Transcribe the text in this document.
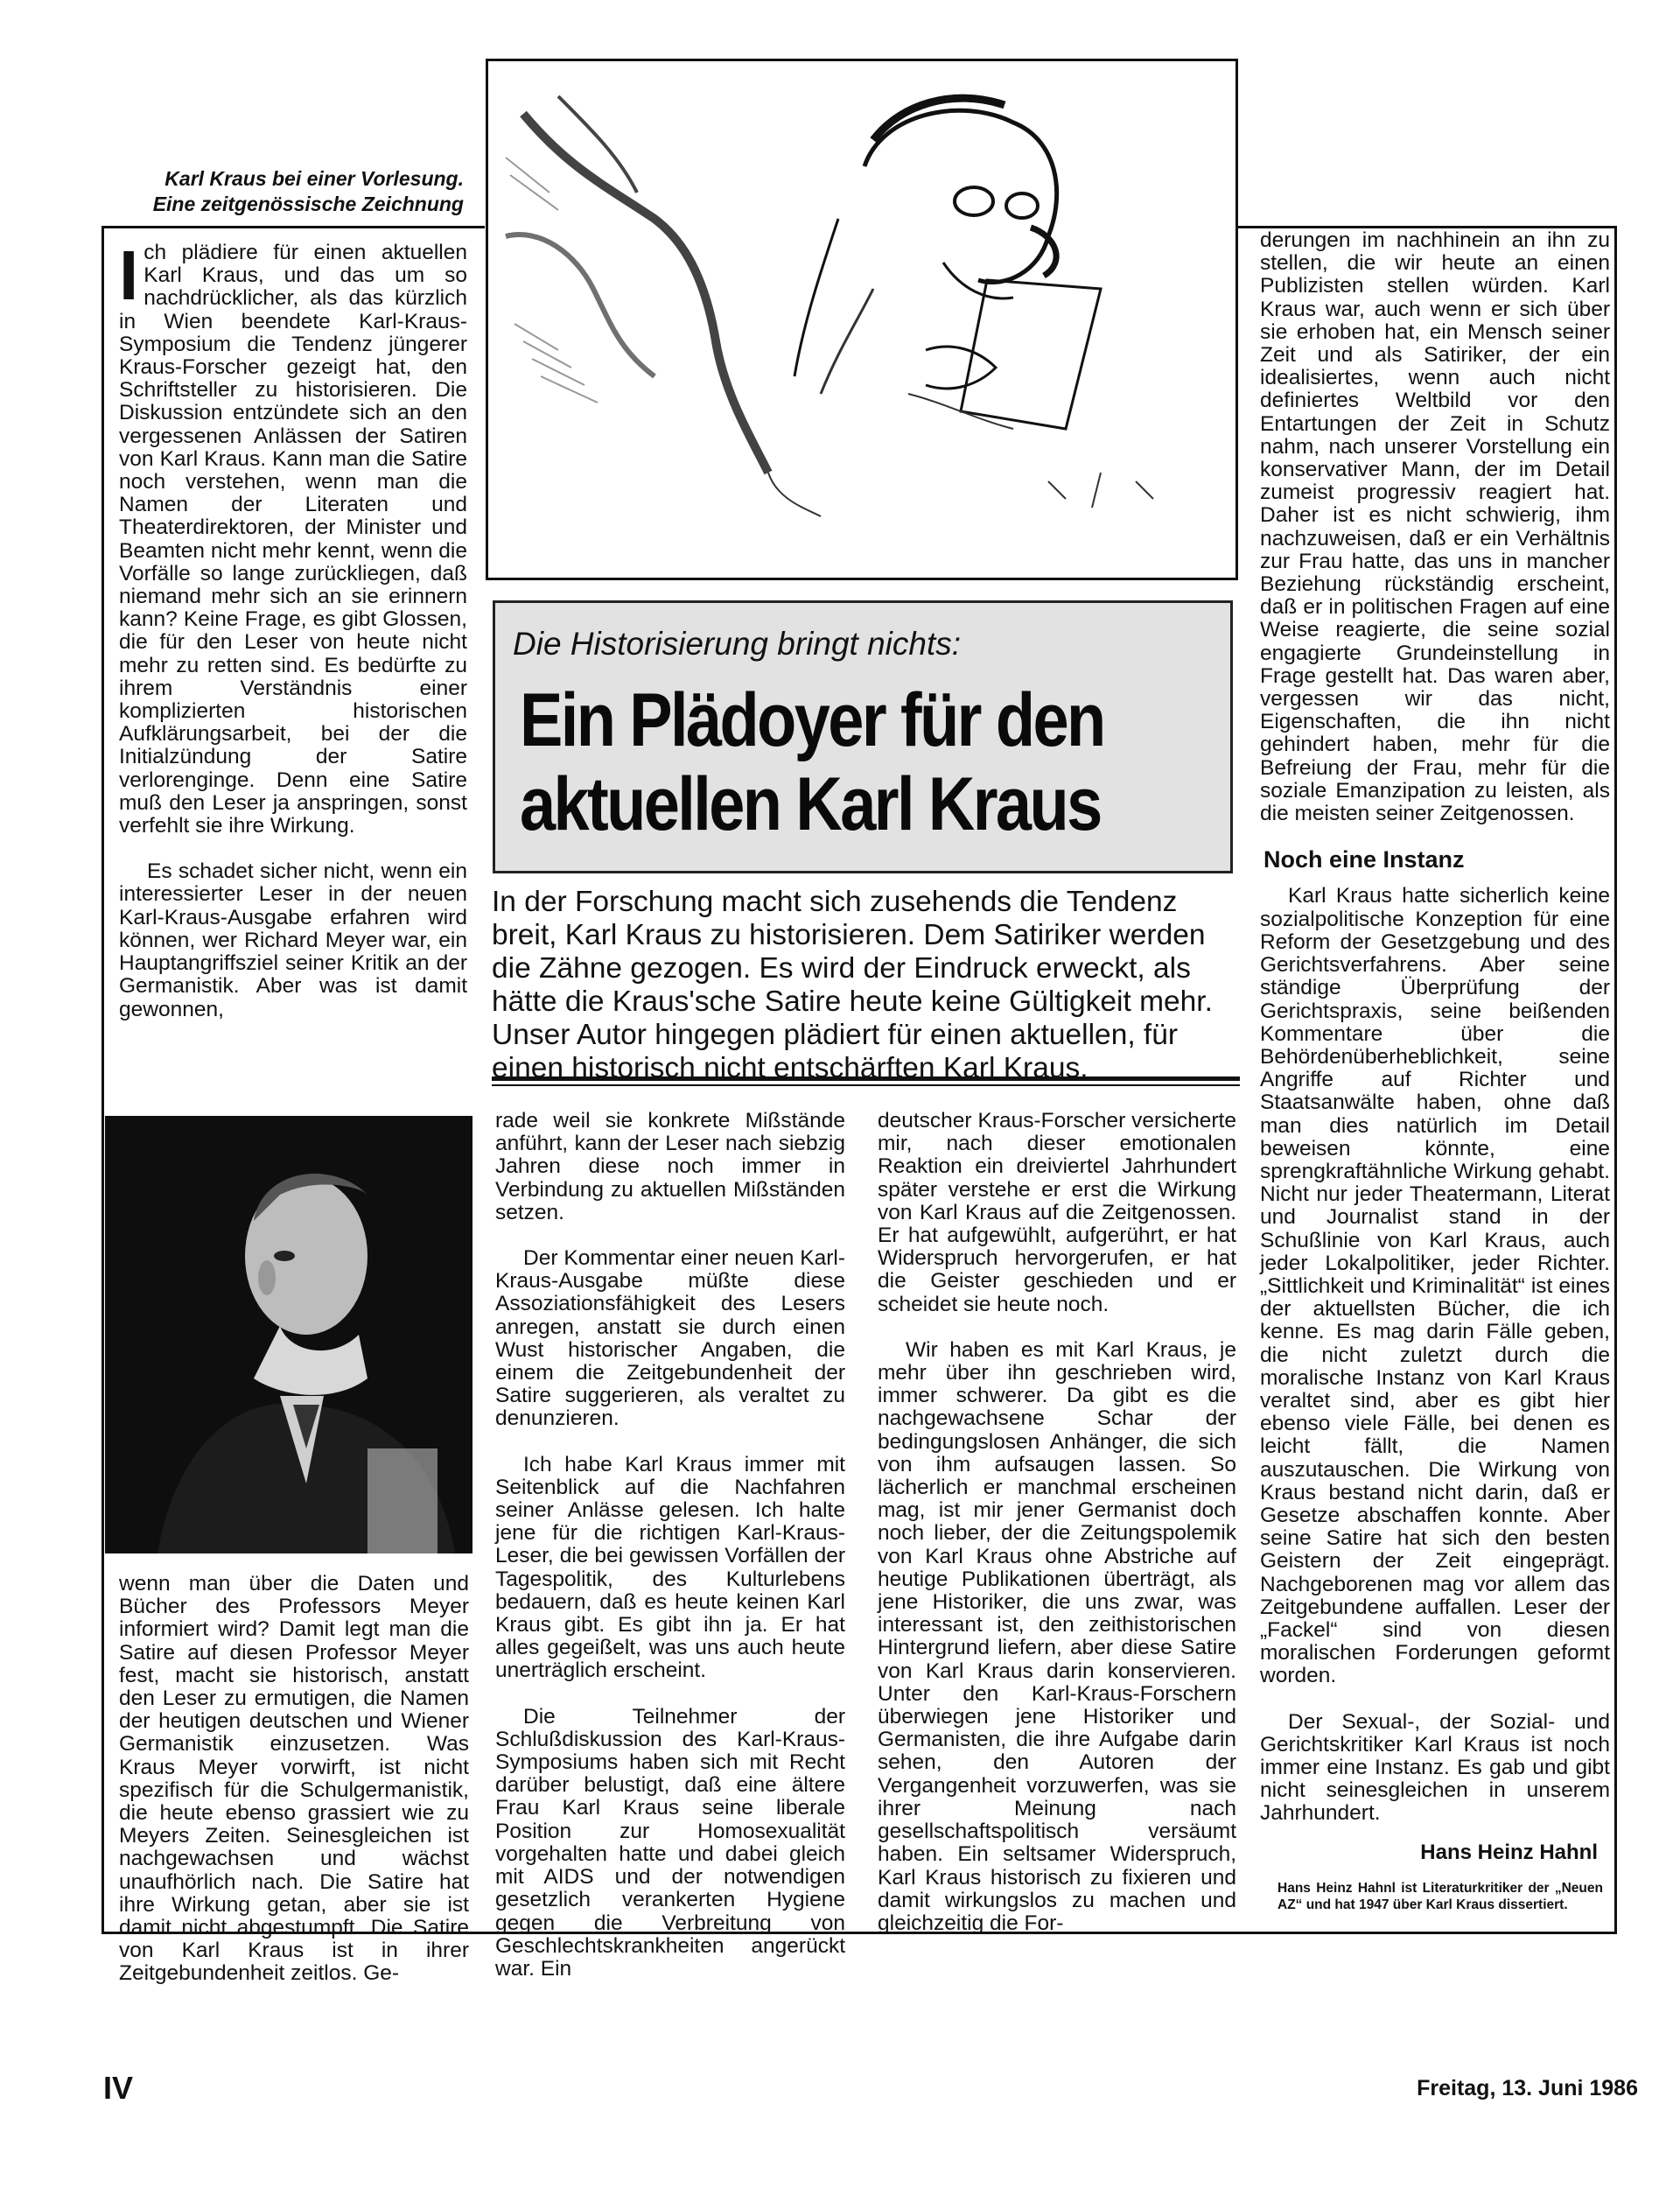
Karl Kraus bei einer Vorlesung.
Eine zeitgenössische Zeichnung
Die Historisierung bringt nichts:
Ein Plädoyer für den
aktuellen Karl Kraus
In der Forschung macht sich zusehends die Tendenz breit, Karl Kraus zu historisieren. Dem Satiriker werden die Zähne gezogen. Es wird der Eindruck erweckt, als hätte die Kraus'sche Satire heute keine Gültigkeit mehr. Unser Autor hingegen plädiert für einen aktuellen, für einen historisch nicht entschärften Karl Kraus.

I ch plädiere für einen aktuellen Karl Kraus, und das um so nachdrücklicher, als das kürzlich in Wien beendete Karl-Kraus-Symposium die Tendenz jüngerer Kraus-Forscher gezeigt hat, den Schriftsteller zu historisieren. Die Diskussion entzündete sich an den vergessenen Anlässen der Satiren von Karl Kraus. Kann man die Satire noch verstehen, wenn man die Namen der Literaten und Theaterdirektoren, der Minister und Beamten nicht mehr kennt, wenn die Vorfälle so lange zurückliegen, daß niemand mehr sich an sie erinnern kann? Keine Frage, es gibt Glossen, die für den Leser von heute nicht mehr zu retten sind. Es bedürfte zu ihrem Verständnis einer komplizierten historischen Aufklärungsarbeit, bei der die Initialzündung der Satire verlorenginge. Denn eine Satire muß den Leser ja anspringen, sonst verfehlt sie ihre Wirkung.

Es schadet sicher nicht, wenn ein interessierter Leser in der neuen Karl-Kraus-Ausgabe erfahren wird können, wer Richard Meyer war, ein Hauptangriffsziel seiner Kritik an der Germanistik. Aber was ist damit gewonnen,

wenn man über die Daten und Bücher des Professors Meyer informiert wird? Damit legt man die Satire auf diesen Professor Meyer fest, macht sie historisch, anstatt den Leser zu ermutigen, die Namen der heutigen deutschen und Wiener Germanistik einzusetzen. Was Kraus Meyer vorwirft, ist nicht spezifisch für die Schulgermanistik, die heute ebenso grassiert wie zu Meyers Zeiten. Seinesgleichen ist nachgewachsen und wächst unaufhörlich nach. Die Satire hat ihre Wirkung getan, aber sie ist damit nicht abgestumpft. Die Satire von Karl Kraus ist in ihrer Zeitgebundenheit zeitlos. Ge-

rade weil sie konkrete Mißstände anführt, kann der Leser nach siebzig Jahren diese noch immer in Verbindung zu aktuellen Mißständen setzen.

Der Kommentar einer neuen Karl-Kraus-Ausgabe müßte diese Assoziationsfähigkeit des Lesers anregen, anstatt sie durch einen Wust historischer Angaben, die einem die Zeitgebundenheit der Satire suggerieren, als veraltet zu denunzieren.

Ich habe Karl Kraus immer mit Seitenblick auf die Nachfahren seiner Anlässe gelesen. Ich halte jene für die richtigen Karl-Kraus-Leser, die bei gewissen Vorfällen der Tagespolitik, des Kulturlebens bedauern, daß es heute keinen Karl Kraus gibt. Es gibt ihn ja. Er hat alles gegeißelt, was uns auch heute unerträglich erscheint.

Die Teilnehmer der Schlußdiskussion des Karl-Kraus-Symposiums haben sich mit Recht darüber belustigt, daß eine ältere Frau Karl Kraus seine liberale Position zur Homosexualität vorgehalten hatte und dabei gleich mit AIDS und der notwendigen gesetzlich verankerten Hygiene gegen die Verbreitung von Geschlechtskrankheiten angerückt war. Ein

deutscher Kraus-Forscher versicherte mir, nach dieser emotionalen Reaktion ein dreiviertel Jahrhundert später verstehe er erst die Wirkung von Karl Kraus auf die Zeitgenossen. Er hat aufgewühlt, aufgerührt, er hat Widerspruch hervorgerufen, er hat die Geister geschieden und er scheidet sie heute noch.

Wir haben es mit Karl Kraus, je mehr über ihn geschrieben wird, immer schwerer. Da gibt es die nachgewachsene Schar der bedingungslosen Anhänger, die sich von ihm aufsaugen lassen. So lächerlich er manchmal erscheinen mag, ist mir jener Germanist doch noch lieber, der die Zeitungspolemik von Karl Kraus ohne Abstriche auf heutige Publikationen überträgt, als jene Historiker, die uns zwar, was interessant ist, den zeithistorischen Hintergrund liefern, aber diese Satire von Karl Kraus darin konservieren. Unter den Karl-Kraus-Forschern überwiegen jene Historiker und Germanisten, die ihre Aufgabe darin sehen, den Autoren der Vergangenheit vorzuwerfen, was sie ihrer Meinung nach gesellschaftspolitisch versäumt haben. Ein seltsamer Widerspruch, Karl Kraus historisch zu fixieren und damit wirkungslos zu machen und gleichzeitig die For-

derungen im nachhinein an ihn zu stellen, die wir heute an einen Publizisten stellen würden. Karl Kraus war, auch wenn er sich über sie erhoben hat, ein Mensch seiner Zeit und als Satiriker, der ein idealisiertes, wenn auch nicht definiertes Weltbild vor den Entartungen der Zeit in Schutz nahm, nach unserer Vorstellung ein konservativer Mann, der im Detail zumeist progressiv reagiert hat. Daher ist es nicht schwierig, ihm nachzuweisen, daß er ein Verhältnis zur Frau hatte, das uns in mancher Beziehung rückständig erscheint, daß er in politischen Fragen auf eine Weise reagierte, die seine sozial engagierte Grundeinstellung in Frage gestellt hat. Das waren aber, vergessen wir das nicht, Eigenschaften, die ihn nicht gehindert haben, mehr für die Befreiung der Frau, mehr für die soziale Emanzipation zu leisten, als die meisten seiner Zeitgenossen.

Noch eine Instanz

Karl Kraus hatte sicherlich keine sozialpolitische Konzeption für eine Reform der Gesetzgebung und des Gerichtsverfahrens. Aber seine ständige Überprüfung der Gerichtspraxis, seine beißenden Kommentare über die Behördenüberheblichkeit, seine Angriffe auf Richter und Staatsanwälte haben, ohne daß man dies natürlich im Detail beweisen könnte, eine sprengkraftähnliche Wirkung gehabt. Nicht nur jeder Theatermann, Literat und Journalist stand in der Schußlinie von Karl Kraus, auch jeder Lokalpolitiker, jeder Richter. „Sittlichkeit und Kriminalität“ ist eines der aktuellsten Bücher, die ich kenne. Es mag darin Fälle geben, die nicht zuletzt durch die moralische Instanz von Karl Kraus veraltet sind, aber es gibt hier ebenso viele Fälle, bei denen es leicht fällt, die Namen auszutauschen. Die Wirkung von Kraus bestand nicht darin, daß er Gesetze abschaffen konnte. Aber seine Satire hat sich den besten Geistern der Zeit eingeprägt. Nachgeborenen mag vor allem das Zeitgebundene auffallen. Leser der „Fackel“ sind von diesen moralischen Forderungen geformt worden.

Der Sexual-, der Sozial- und Gerichtskritiker Karl Kraus ist noch immer eine Instanz. Es gab und gibt nicht seinesgleichen in unserem Jahrhundert.

Hans Heinz Hahnl
Hans Heinz Hahnl ist Literaturkritiker der „Neuen AZ“ und hat 1947 über Karl Kraus dissertiert.
IV	Freitag, 13. Juni 1986
